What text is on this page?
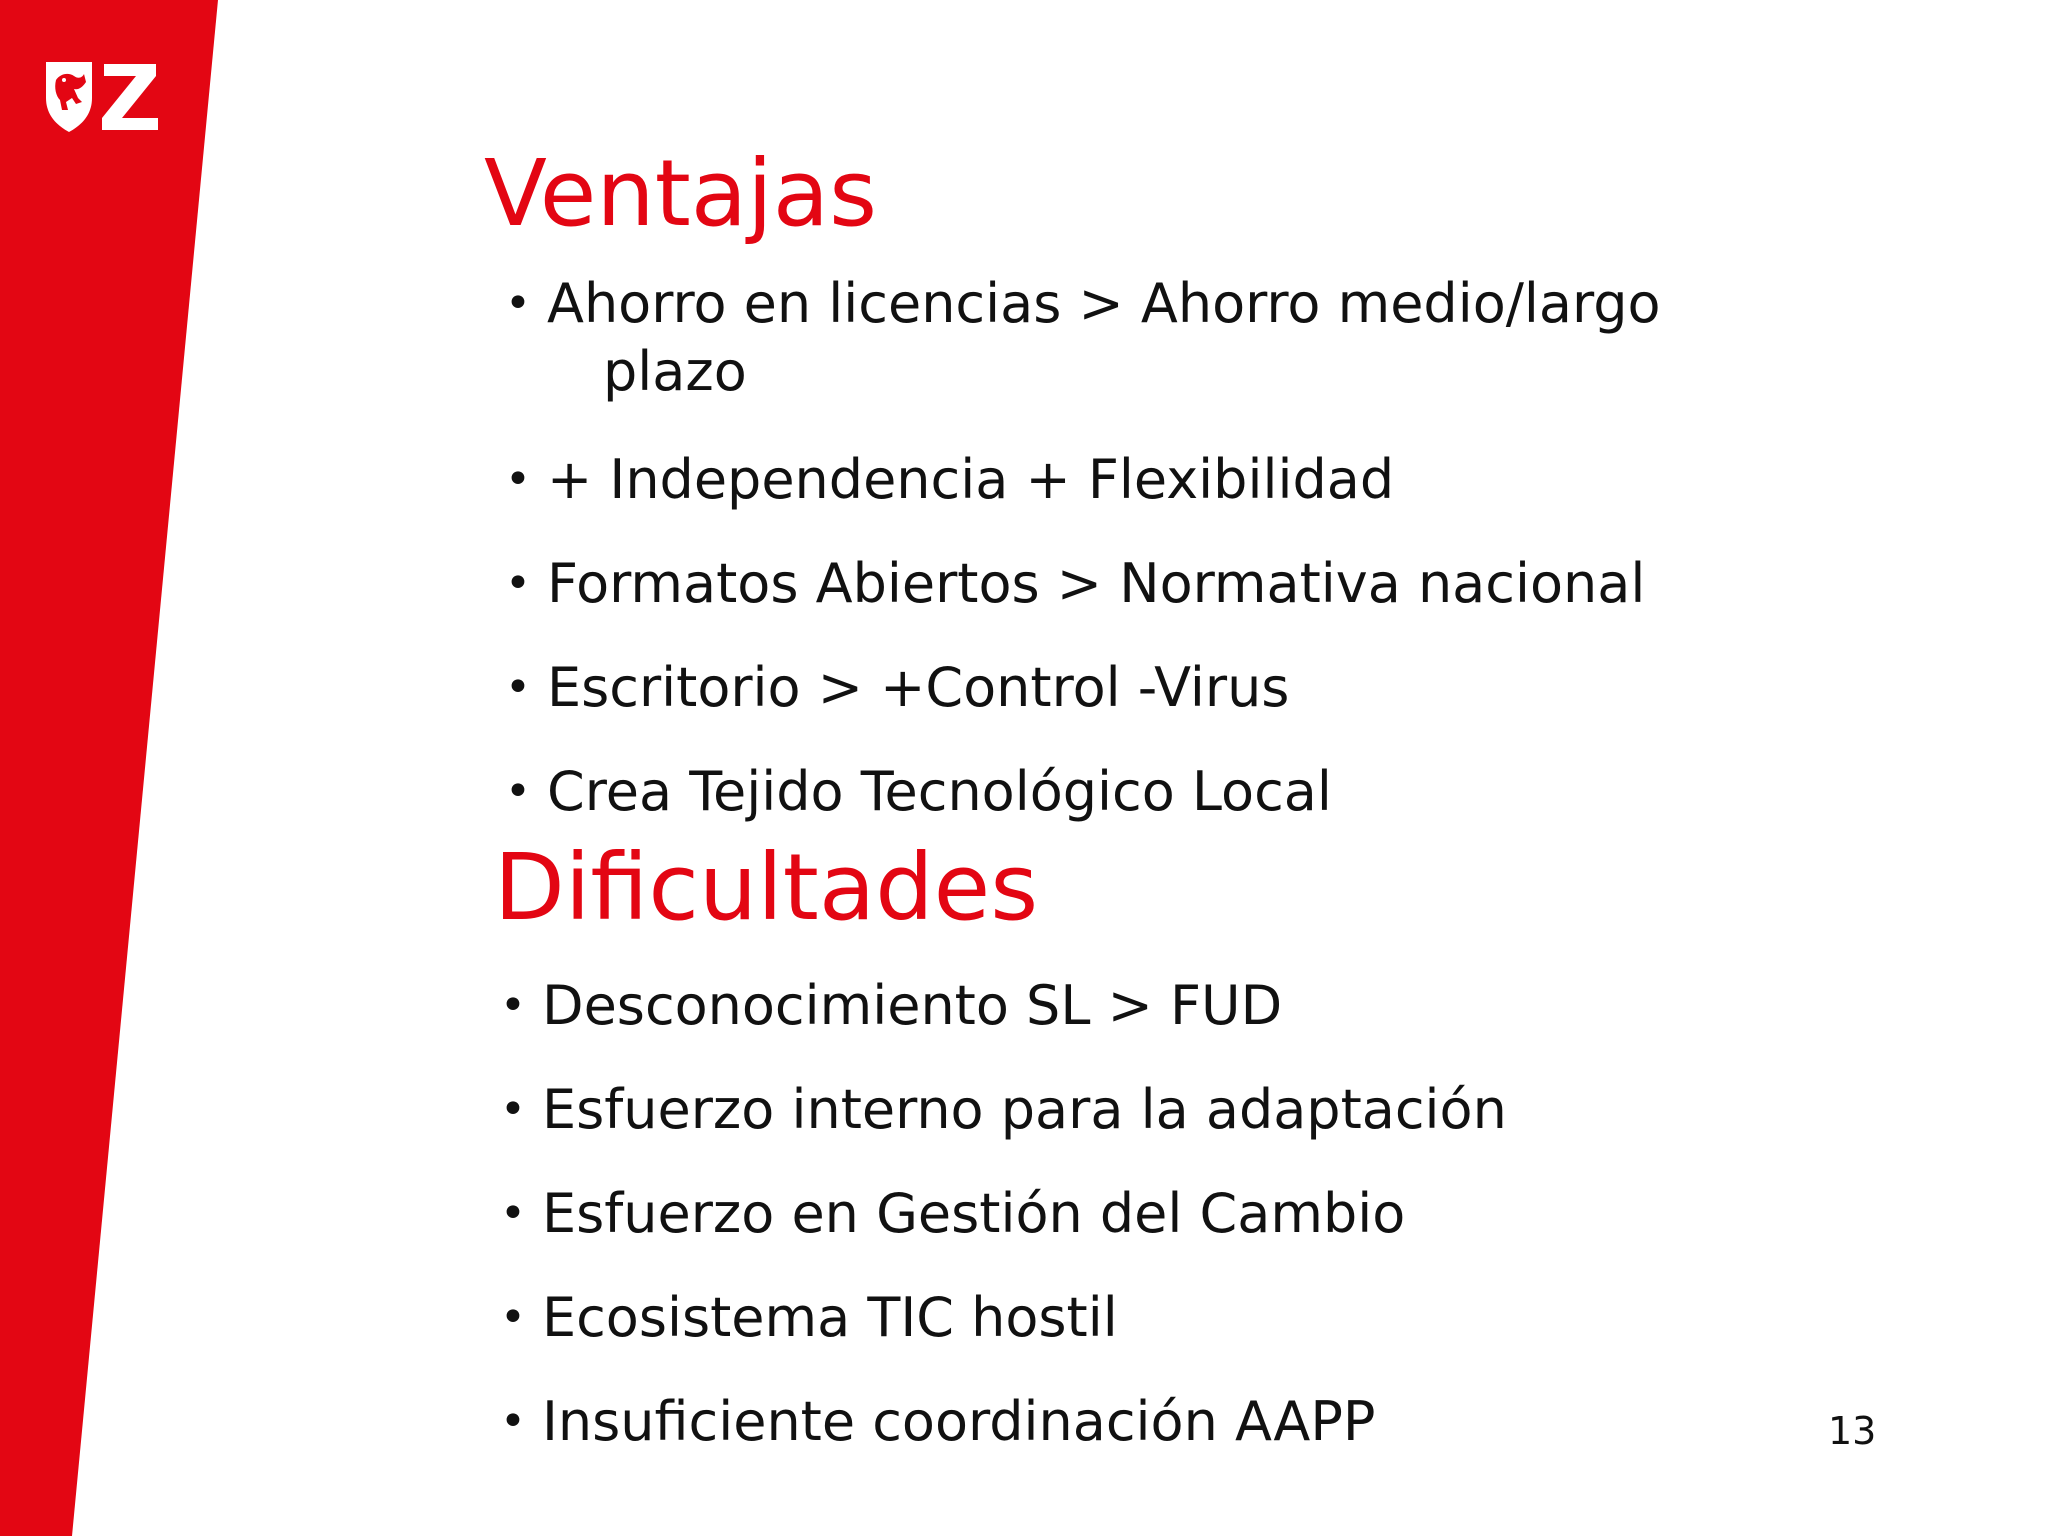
Ventajas
• Ahorro en licencias > Ahorro medio/largo
plazo
• + Independencia + Flexibilidad
• Formatos Abiertos > Normativa nacional
• Escritorio > +Control -Virus
• Crea Tejido Tecnológico Local
Dificultades
• Desconocimiento SL > FUD
• Esfuerzo interno para la adaptación
• Esfuerzo en Gestión del Cambio
• Ecosistema TIC hostil
• Insuficiente coordinación AAPP	13
